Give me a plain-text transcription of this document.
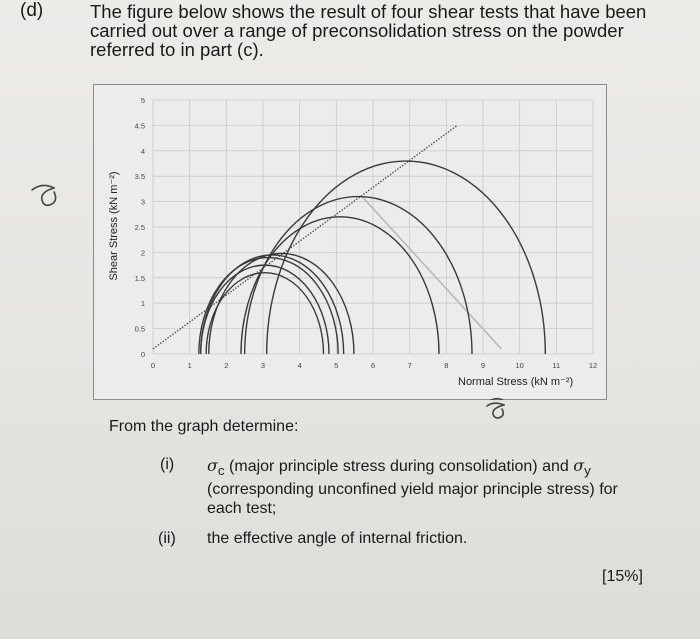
(d)	The figure below shows the result of four shear tests that have been carried out over a range of preconsolidation stress on the powder referred to in part (c).
0	1	2	3	4	5	6	7	8	9	10	11	12
0
0.5
1
1.5
2
2.5
3
3.5
4
4.5
5
Normal Stress (kN m⁻²)
Shear Stress (kN m⁻²)
From the graph determine:
(i) $\sigma_c$ (major principle stress during consolidation) and $\sigma_y$ (corresponding unconfined yield major principle stress) for each test;
(ii) the effective angle of internal friction.
[15%]
